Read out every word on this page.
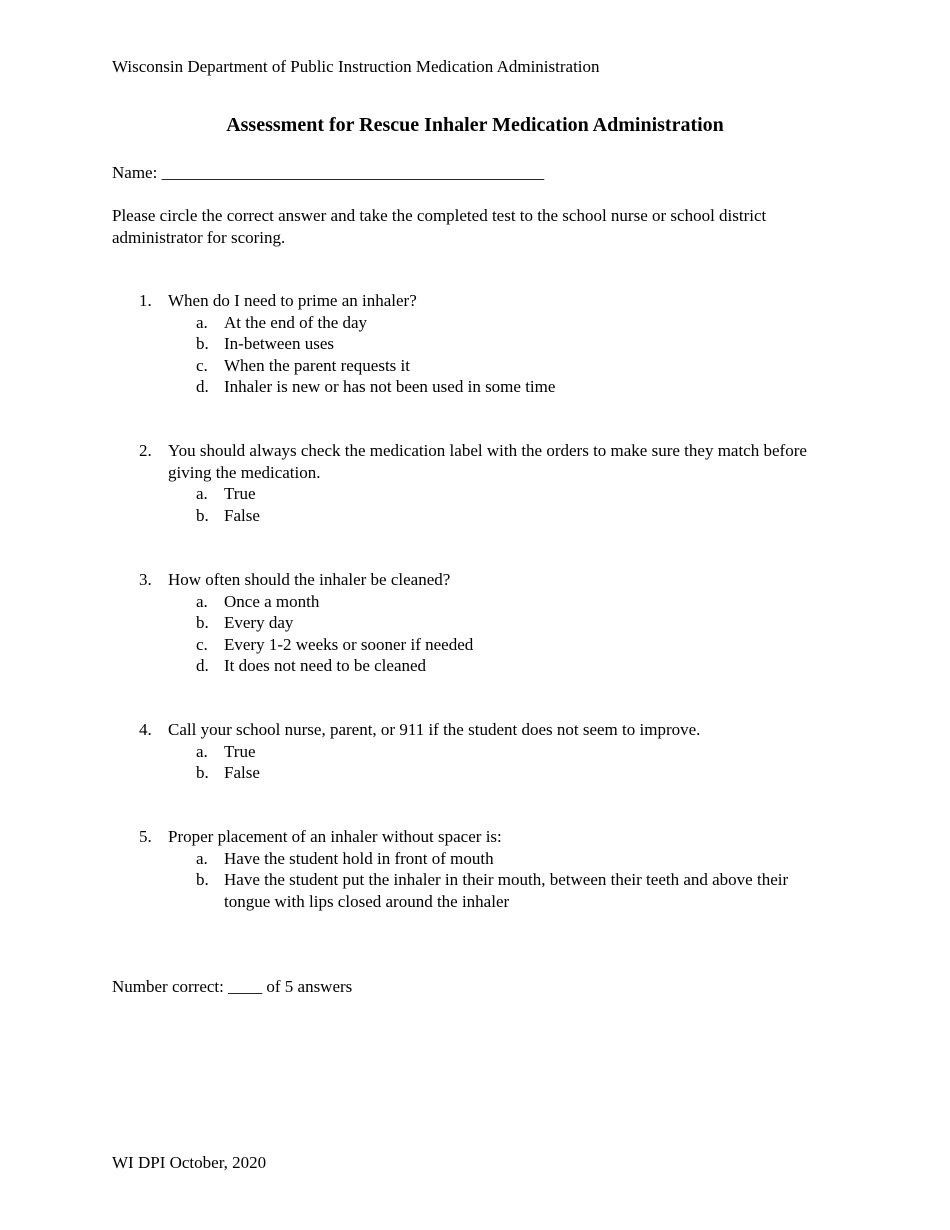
Wisconsin Department of Public Instruction Medication Administration
Assessment for Rescue Inhaler Medication Administration
Name: _____________________________________________
Please circle the correct answer and take the completed test to the school nurse or school district administrator for scoring.
1. When do I need to prime an inhaler?
a. At the end of the day
b. In-between uses
c. When the parent requests it
d. Inhaler is new or has not been used in some time
2. You should always check the medication label with the orders to make sure they match before giving the medication.
a. True
b. False
3. How often should the inhaler be cleaned?
a. Once a month
b. Every day
c. Every 1-2 weeks or sooner if needed
d. It does not need to be cleaned
4. Call your school nurse, parent, or 911 if the student does not seem to improve.
a. True
b. False
5. Proper placement of an inhaler without spacer is:
a. Have the student hold in front of mouth
b. Have the student put the inhaler in their mouth, between their teeth and above their tongue with lips closed around the inhaler
Number correct: ____ of 5 answers
WI DPI October, 2020
